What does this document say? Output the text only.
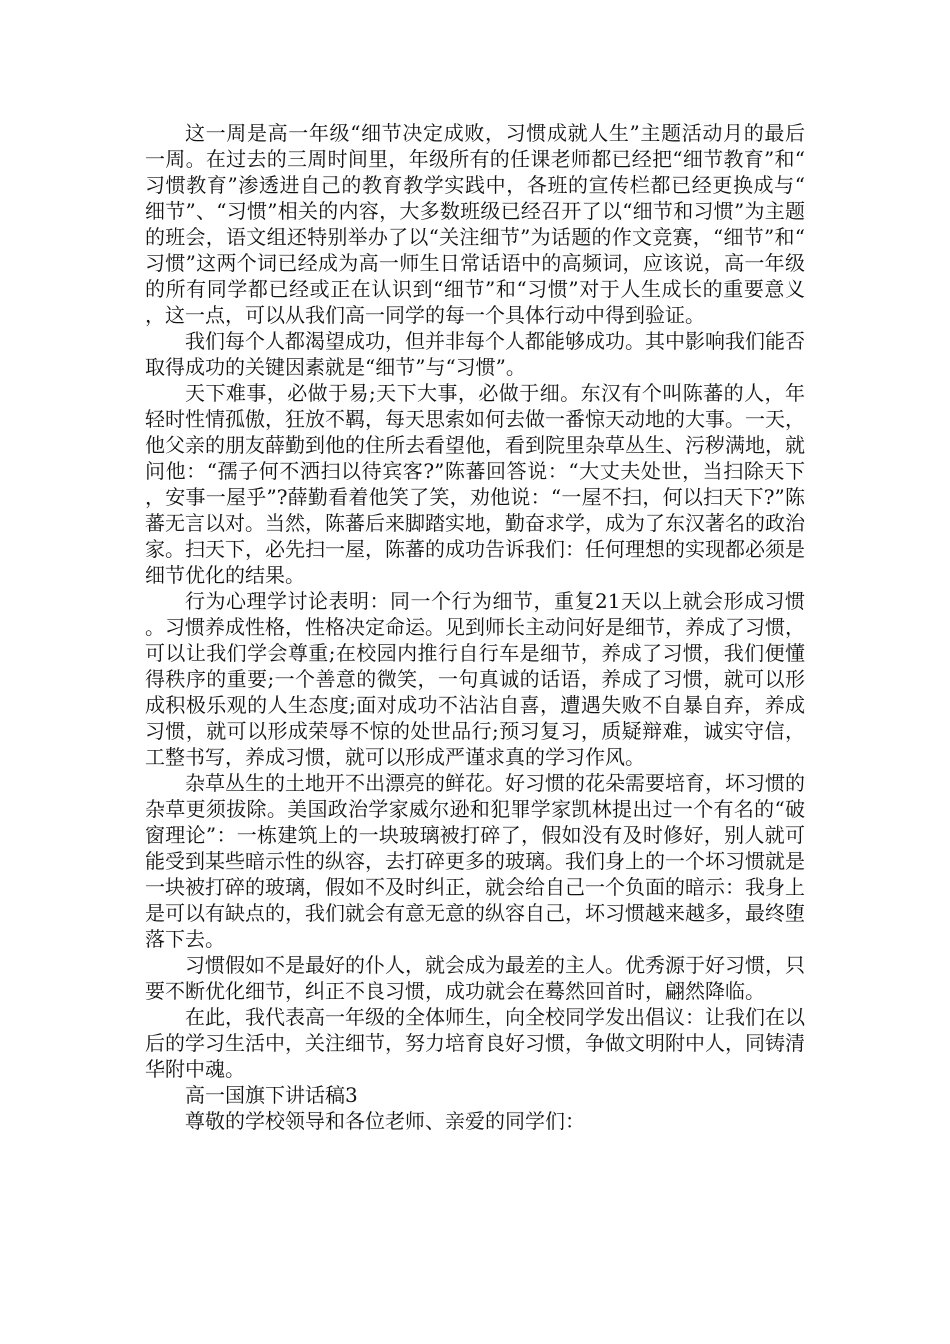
这一周是高一年级“细节决定成败，习惯成就人生”主题活动月的最后一周。在过去的三周时间里，年级所有的任课老师都已经把“细节教育”和“习惯教育”渗透进自己的教育教学实践中，各班的宣传栏都已经更换成与“细节”、“习惯”相关的内容，大多数班级已经召开了以“细节和习惯”为主题的班会，语文组还特别举办了以“关注细节”为话题的作文竞赛，“细节”和“习惯”这两个词已经成为高一师生日常话语中的高频词，应该说，高一年级的所有同学都已经或正在认识到“细节”和“习惯”对于人生成长的重要意义，这一点，可以从我们高一同学的每一个具体行动中得到验证。

我们每个人都渴望成功，但并非每个人都能够成功。其中影响我们能否取得成功的关键因素就是“细节”与“习惯”。

天下难事，必做于易;天下大事，必做于细。东汉有个叫陈蕃的人，年轻时性情孤傲，狂放不羁，每天思索如何去做一番惊天动地的大事。一天，他父亲的朋友薛勤到他的住所去看望他，看到院里杂草丛生、污秽满地，就问他：“孺子何不洒扫以待宾客?”陈蕃回答说：“大丈夫处世，当扫除天下，安事一屋乎”?薛勤看着他笑了笑，劝他说：“一屋不扫，何以扫天下?”陈蕃无言以对。当然，陈蕃后来脚踏实地，勤奋求学，成为了东汉著名的政治家。扫天下，必先扫一屋，陈蕃的成功告诉我们：任何理想的实现都必须是细节优化的结果。

行为心理学讨论表明：同一个行为细节，重复21天以上就会形成习惯。习惯养成性格，性格决定命运。见到师长主动问好是细节，养成了习惯，可以让我们学会尊重;在校园内推行自行车是细节，养成了习惯，我们便懂得秩序的重要;一个善意的微笑，一句真诚的话语，养成了习惯，就可以形成积极乐观的人生态度;面对成功不沾沾自喜，遭遇失败不自暴自弃，养成习惯，就可以形成荣辱不惊的处世品行;预习复习，质疑辩难，诚实守信，工整书写，养成习惯，就可以形成严谨求真的学习作风。

杂草丛生的土地开不出漂亮的鲜花。好习惯的花朵需要培育，坏习惯的杂草更须拔除。美国政治学家威尔逊和犯罪学家凯林提出过一个有名的“破窗理论”：一栋建筑上的一块玻璃被打碎了，假如没有及时修好，别人就可能受到某些暗示性的纵容，去打碎更多的玻璃。我们身上的一个坏习惯就是一块被打碎的玻璃，假如不及时纠正，就会给自己一个负面的暗示：我身上是可以有缺点的，我们就会有意无意的纵容自己，坏习惯越来越多，最终堕落下去。

习惯假如不是最好的仆人，就会成为最差的主人。优秀源于好习惯，只要不断优化细节，纠正不良习惯，成功就会在蓦然回首时，翩然降临。

在此，我代表高一年级的全体师生，向全校同学发出倡议：让我们在以后的学习生活中，关注细节，努力培育良好习惯，争做文明附中人，同铸清华附中魂。

高一国旗下讲话稿3

尊敬的学校领导和各位老师、亲爱的同学们：
